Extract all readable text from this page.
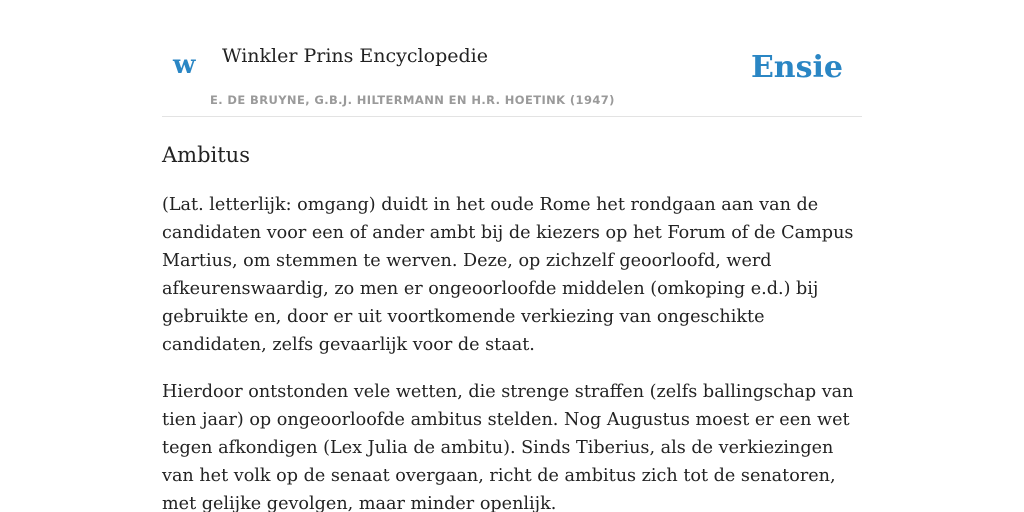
w Winkler Prins Encyclopedie
E. DE BRUYNE, G.B.J. HILTERMANN EN H.R. HOETINK (1947)
Ensie
Ambitus

(Lat. letterlijk: omgang) duidt in het oude Rome het rondgaan aan van de candidaten voor een of ander ambt bij de kiezers op het Forum of de Campus Martius, om stemmen te werven. Deze, op zichzelf geoorloofd, werd afkeurenswaardig, zo men er ongeoorloofde middelen (omkoping e.d.) bij gebruikte en, door er uit voortkomende verkiezing van ongeschikte candidaten, zelfs gevaarlijk voor de staat.

Hierdoor ontstonden vele wetten, die strenge straffen (zelfs ballingschap van tien jaar) op ongeoorloofde ambitus stelden. Nog Augustus moest er een wet tegen afkondigen (Lex Julia de ambitu). Sinds Tiberius, als de verkiezingen van het volk op de senaat overgaan, richt de ambitus zich tot de senatoren, met gelijke gevolgen, maar minder openlijk.
